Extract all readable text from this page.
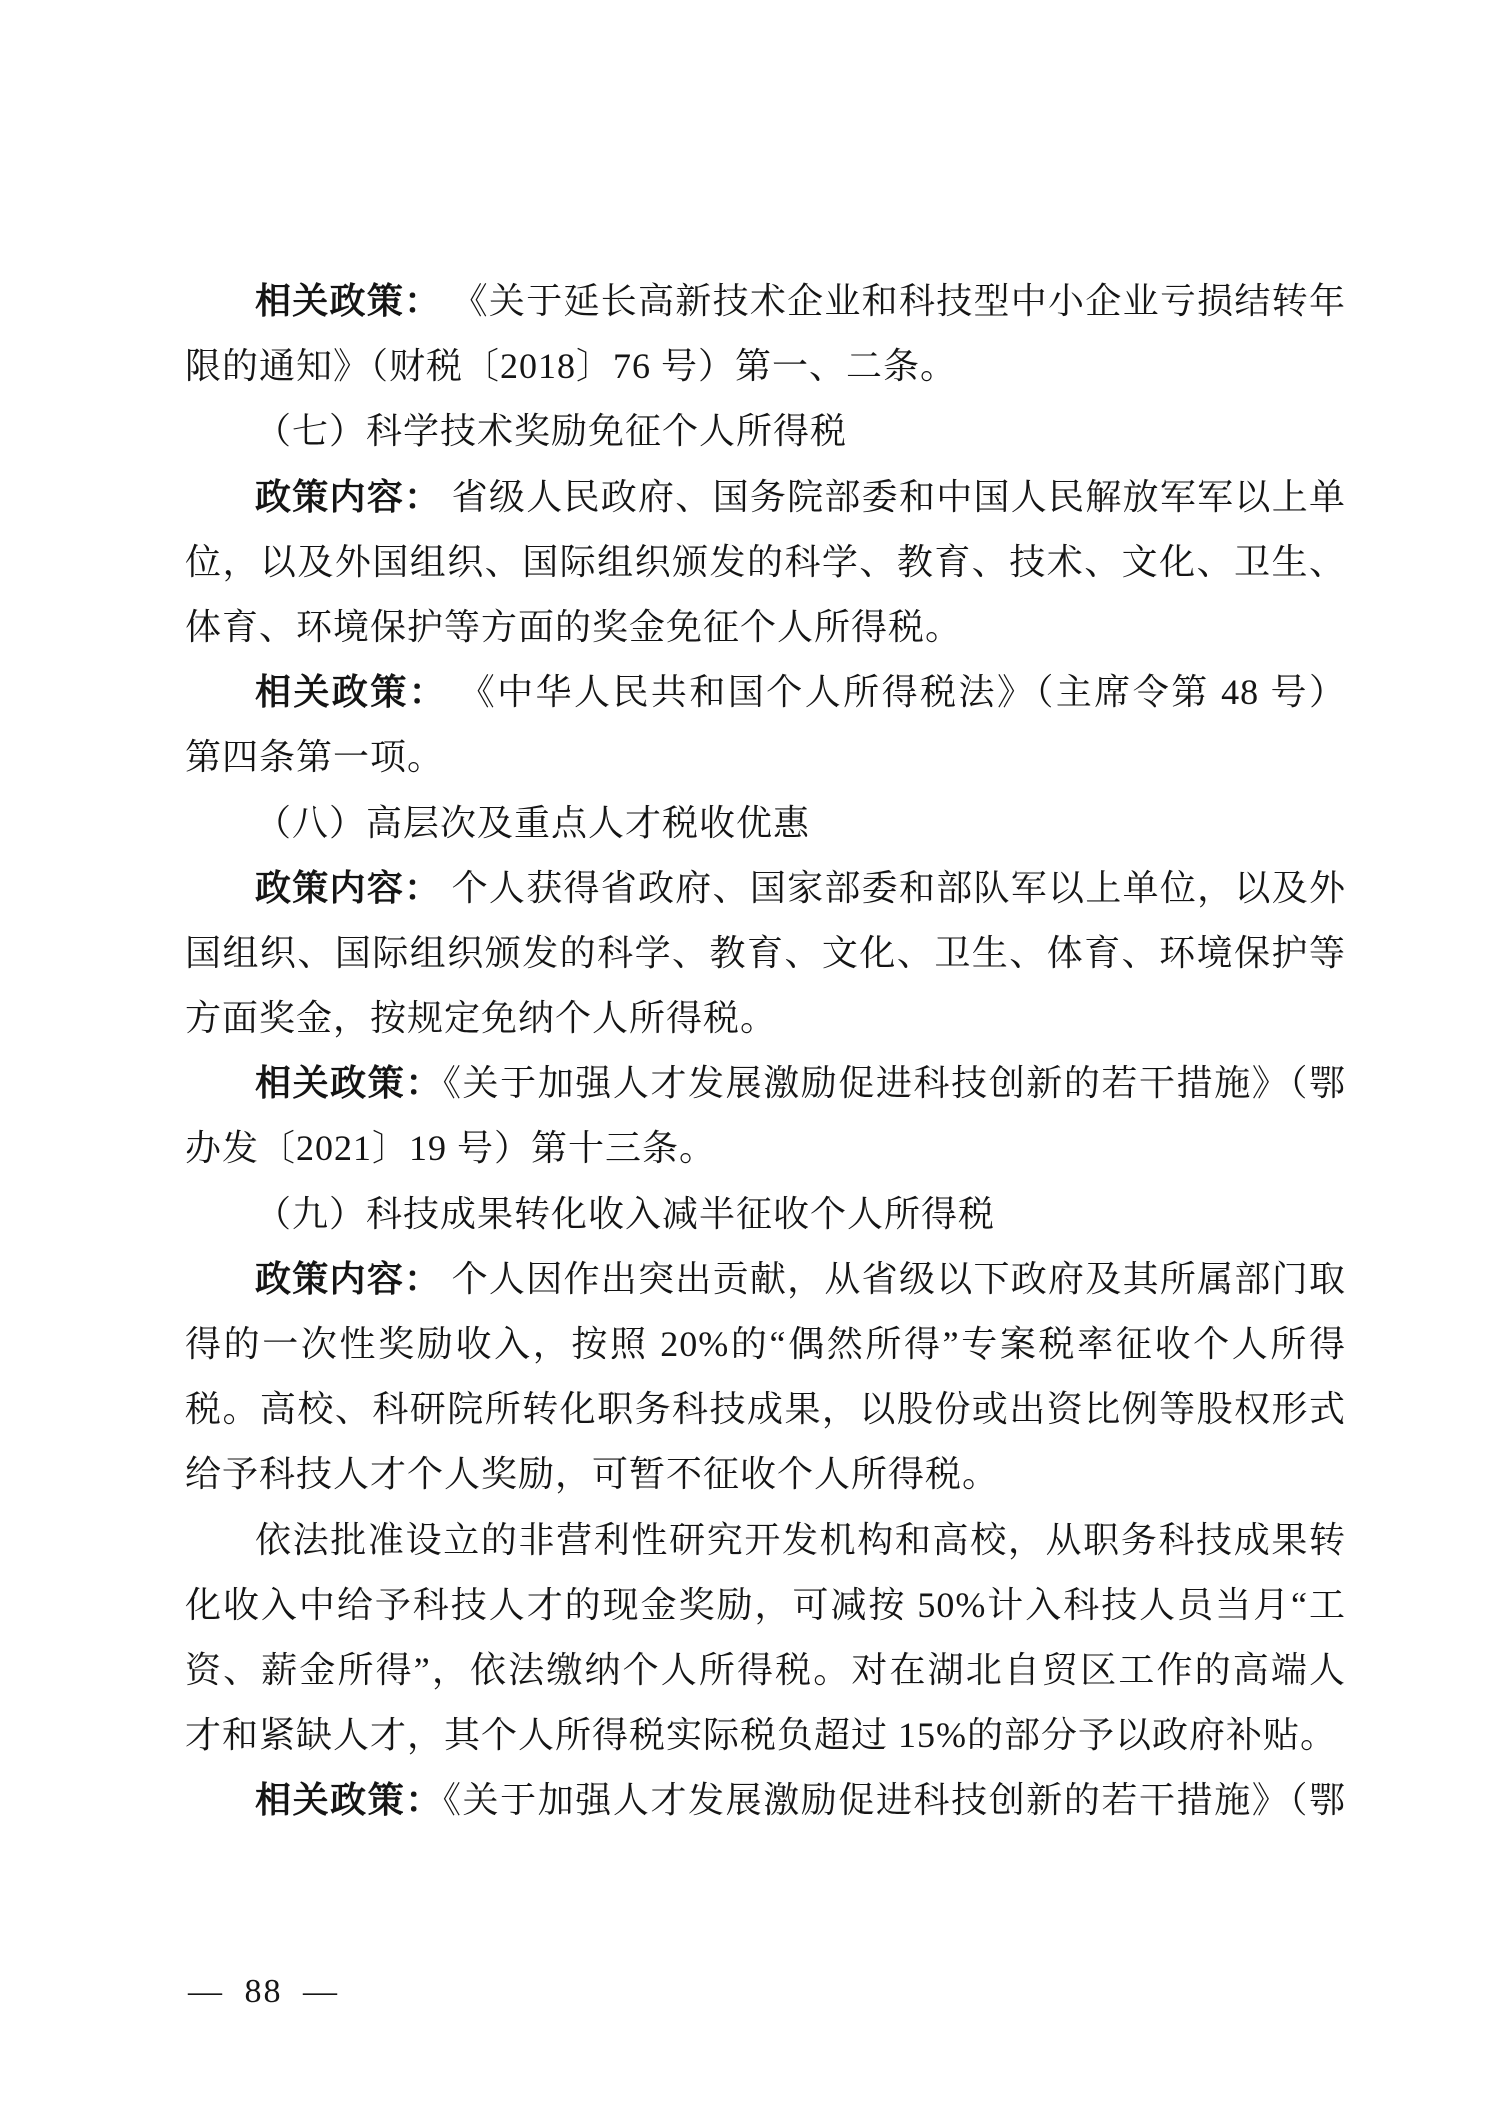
相关政策： 《关于延长高新技术企业和科技型中小企业亏损结转年
限的通知》（财税〔2018〕76 号）第一、二条。
（七）科学技术奖励免征个人所得税
政策内容： 省级人民政府、国务院部委和中国人民解放军军以上单
位，以及外国组织、国际组织颁发的科学、教育、技术、文化、卫生、
体育、环境保护等方面的奖金免征个人所得税。
相关政策： 《中华人民共和国个人所得税法》（主席令第 48 号）
第四条第一项。
（八）高层次及重点人才税收优惠
政策内容： 个人获得省政府、国家部委和部队军以上单位，以及外
国组织、国际组织颁发的科学、教育、文化、卫生、体育、环境保护等
方面奖金，按规定免纳个人所得税。
相关政策：《关于加强人才发展激励促进科技创新的若干措施》（鄂
办发〔2021〕19 号）第十三条。
（九）科技成果转化收入减半征收个人所得税
政策内容： 个人因作出突出贡献，从省级以下政府及其所属部门取
得的一次性奖励收入，按照 20%的“偶然所得”专案税率征收个人所得
税。高校、科研院所转化职务科技成果，以股份或出资比例等股权形式
给予科技人才个人奖励，可暂不征收个人所得税。
依法批准设立的非营利性研究开发机构和高校，从职务科技成果转
化收入中给予科技人才的现金奖励，可减按 50%计入科技人员当月“工
资、薪金所得”，依法缴纳个人所得税。对在湖北自贸区工作的高端人
才和紧缺人才，其个人所得税实际税负超过 15%的部分予以政府补贴。
相关政策：《关于加强人才发展激励促进科技创新的若干措施》（鄂
— 88 —
